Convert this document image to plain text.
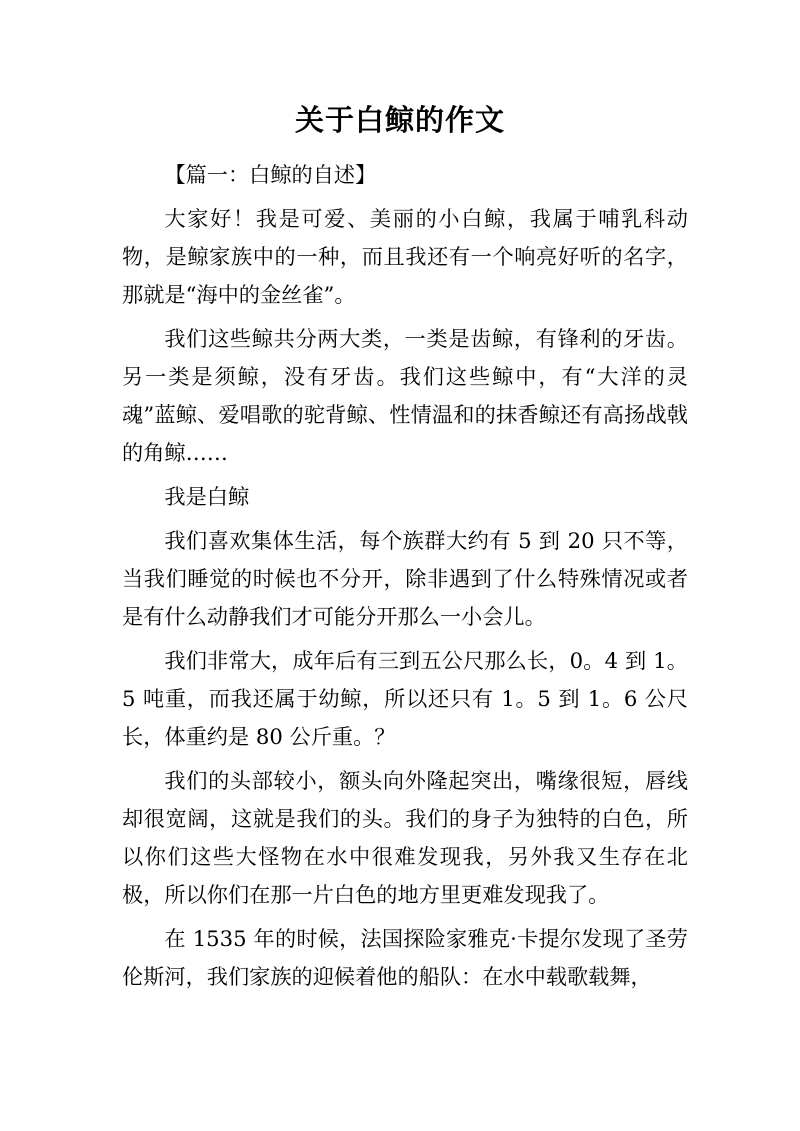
关于白鲸的作文

【篇一：白鲸的自述】

大家好！我是可爱、美丽的小白鲸，我属于哺乳科动物，是鲸家族中的一种，而且我还有一个响亮好听的名字，那就是“海中的金丝雀”。

我们这些鲸共分两大类，一类是齿鲸，有锋利的牙齿。另一类是须鲸，没有牙齿。我们这些鲸中，有“大洋的灵魂”蓝鲸、爱唱歌的驼背鲸、性情温和的抹香鲸还有高扬战戟的角鲸……

我是白鲸

我们喜欢集体生活，每个族群大约有 5 到 20 只不等，当我们睡觉的时候也不分开，除非遇到了什么特殊情况或者是有什么动静我们才可能分开那么一小会儿。

我们非常大，成年后有三到五公尺那么长，0。4 到 1。5 吨重，而我还属于幼鲸，所以还只有 1。5 到 1。6 公尺长，体重约是 80 公斤重。？

我们的头部较小，额头向外隆起突出，嘴缘很短，唇线却很宽阔，这就是我们的头。我们的身子为独特的白色，所以你们这些大怪物在水中很难发现我，另外我又生存在北极，所以你们在那一片白色的地方里更难发现我了。

在 1535 年的时候，法国探险家雅克·卡提尔发现了圣劳伦斯河，我们家族的迎候着他的船队：在水中载歌载舞，
